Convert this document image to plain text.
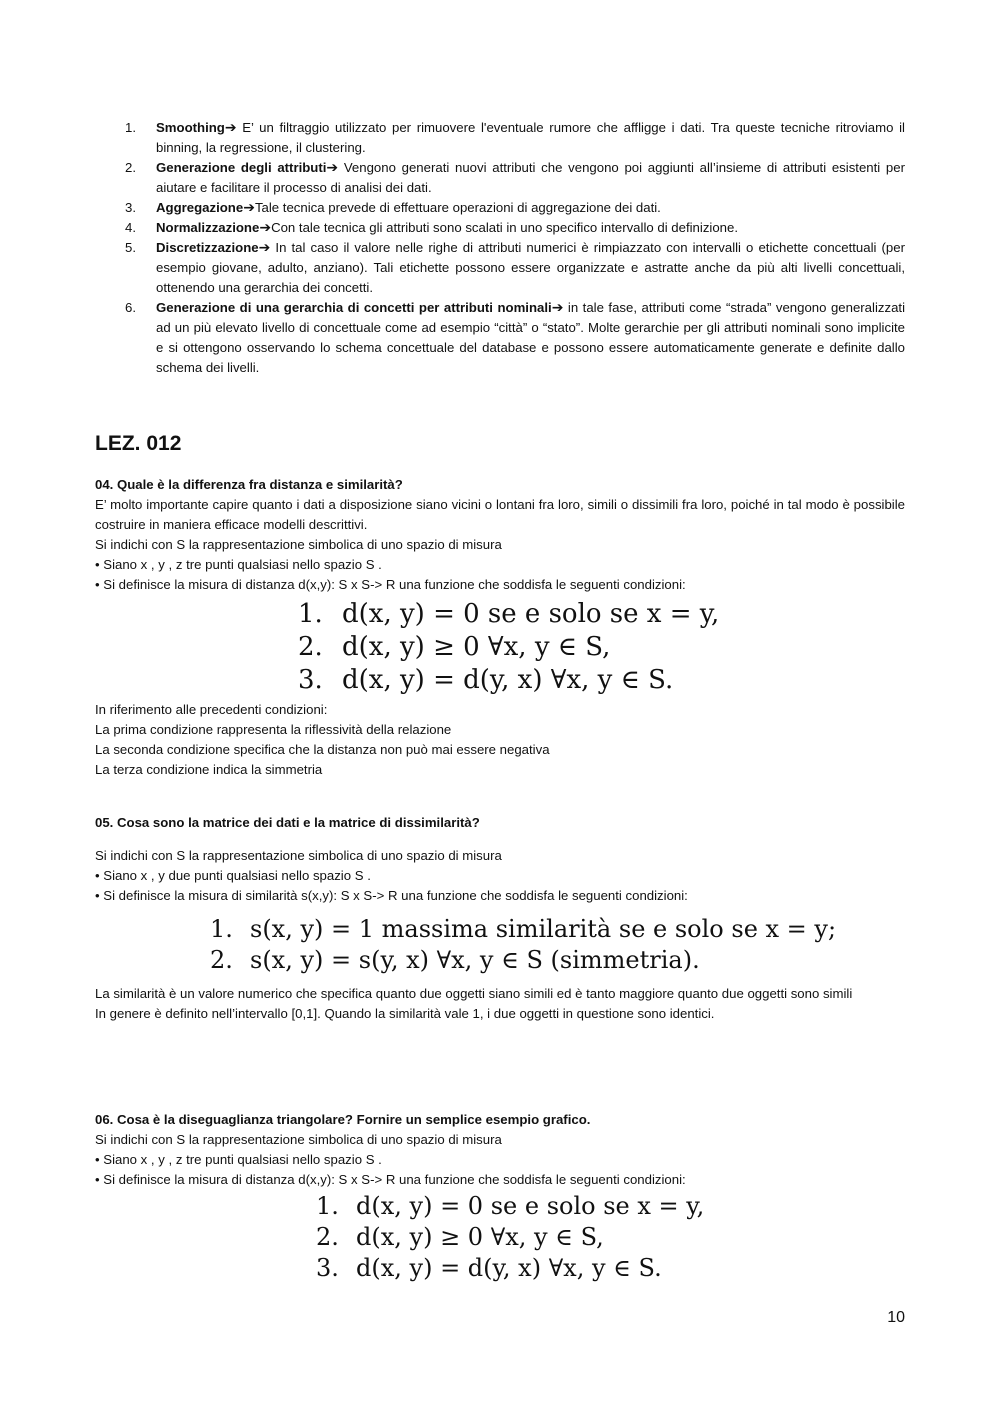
1. Smoothing➔ E’ un filtraggio utilizzato per rimuovere l'eventuale rumore che affligge i dati. Tra queste tecniche ritroviamo il binning, la regressione, il clustering.
2. Generazione degli attributi➔ Vengono generati nuovi attributi che vengono poi aggiunti all’insieme di attributi esistenti per aiutare e facilitare il processo di analisi dei dati.
3. Aggregazione➔Tale tecnica prevede di effettuare operazioni di aggregazione dei dati.
4. Normalizzazione➔Con tale tecnica gli attributi sono scalati in uno specifico intervallo di definizione.
5. Discretizzazione➔ In tal caso il valore nelle righe di attributi numerici è rimpiazzato con intervalli o etichette concettuali (per esempio giovane, adulto, anziano). Tali etichette possono essere organizzate e astratte anche da più alti livelli concettuali, ottenendo una gerarchia dei concetti.
6. Generazione di una gerarchia di concetti per attributi nominali➔ in tale fase, attributi come “strada” vengono generalizzati ad un più elevato livello di concettuale come ad esempio “città” o “stato”. Molte gerarchie per gli attributi nominali sono implicite e si ottengono osservando lo schema concettuale del database e possono essere automaticamente generate e definite dallo schema dei livelli.
LEZ. 012

04. Quale è la differenza fra distanza e similarità?

E’ molto importante capire quanto i dati a disposizione siano vicini o lontani fra loro, simili o dissimili fra loro, poiché in tal modo è possibile costruire in maniera efficace modelli descrittivi.

Si indichi con S la rappresentazione simbolica di uno spazio di misura

• Siano x , y , z tre punti qualsiasi nello spazio S .

• Si definisce la misura di distanza d(x,y): S x S-> R una funzione che soddisfa le seguenti condizioni:

1. d(x, y) = 0 se e solo se x = y,
2. d(x, y) ≥ 0 ∀x, y ∈ S,
3. d(x, y) = d(y, x) ∀x, y ∈ S.

In riferimento alle precedenti condizioni:

La prima condizione rappresenta la riflessività della relazione

La seconda condizione specifica che la distanza non può mai essere negativa

La terza condizione indica la simmetria

05. Cosa sono la matrice dei dati e la matrice di dissimilarità?

Si indichi con S la rappresentazione simbolica di uno spazio di misura

• Siano x , y due punti qualsiasi nello spazio S .

• Si definisce la misura di similarità s(x,y): S x S-> R una funzione che soddisfa le seguenti condizioni:

1. s(x, y) = 1 massima similarità se e solo se x = y;
2. s(x, y) = s(y, x) ∀x, y ∈ S (simmetria).

La similarità è un valore numerico che specifica quanto due oggetti siano simili ed è tanto maggiore quanto due oggetti sono simili

In genere è definito nell’intervallo [0,1]. Quando la similarità vale 1, i due oggetti in questione sono identici.

06. Cosa è la diseguaglianza triangolare? Fornire un semplice esempio grafico.

Si indichi con S la rappresentazione simbolica di uno spazio di misura

• Siano x , y , z tre punti qualsiasi nello spazio S .

• Si definisce la misura di distanza d(x,y): S x S-> R una funzione che soddisfa le seguenti condizioni:

1. d(x, y) = 0 se e solo se x = y,
2. d(x, y) ≥ 0 ∀x, y ∈ S,
3. d(x, y) = d(y, x) ∀x, y ∈ S.
10
